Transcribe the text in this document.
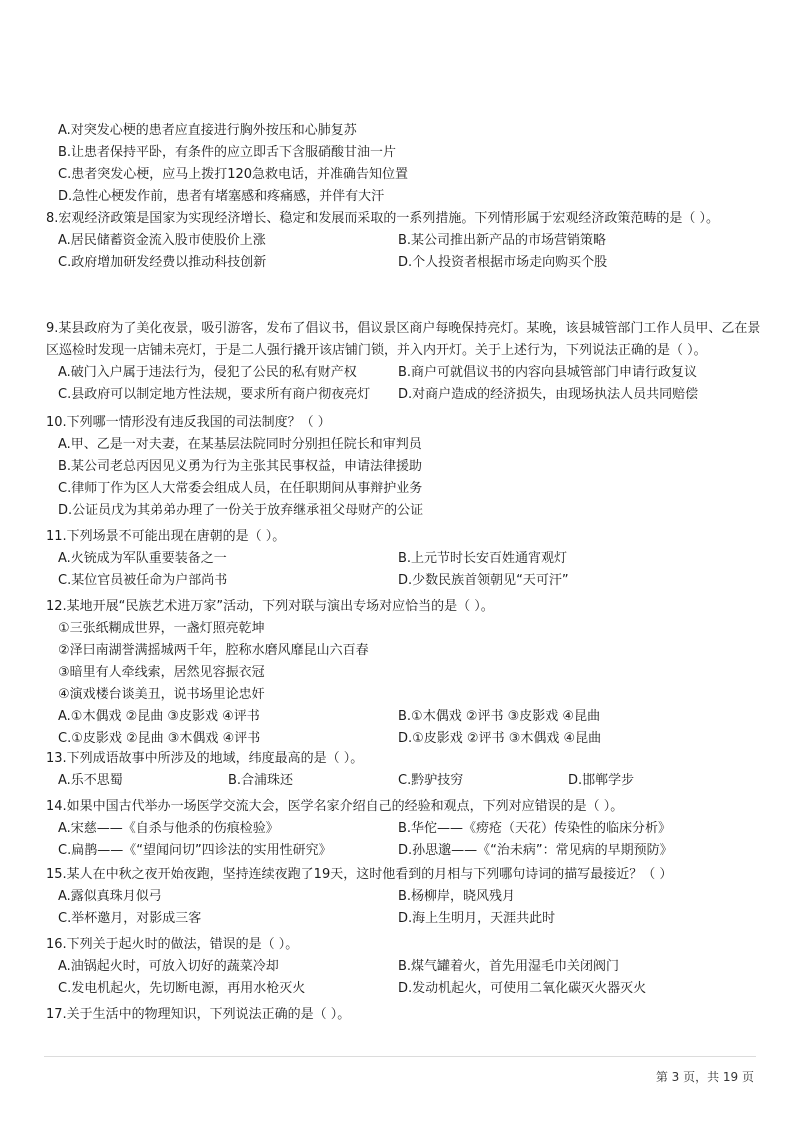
A.对突发心梗的患者应直接进行胸外按压和心肺复苏
B.让患者保持平卧，有条件的应立即舌下含服硝酸甘油一片
C.患者突发心梗，应马上拨打120急救电话，并准确告知位置
D.急性心梗发作前，患者有堵塞感和疼痛感，并伴有大汗

8.宏观经济政策是国家为实现经济增长、稳定和发展而采取的一系列措施。下列情形属于宏观经济政策范畴的是（ ）。

A.居民储蓄资金流入股市使股价上涨	B.某公司推出新产品的市场营销策略
C.政府增加研发经费以推动科技创新	D.个人投资者根据市场走向购买个股

9.某县政府为了美化夜景，吸引游客，发布了倡议书，倡议景区商户每晚保持亮灯。某晚，该县城管部门工作人员甲、乙在景区巡检时发现一店铺未亮灯，于是二人强行撬开该店铺门锁，并入内开灯。关于上述行为，下列说法正确的是（ ）。

A.破门入户属于违法行为，侵犯了公民的私有财产权	B.商户可就倡议书的内容向县城管部门申请行政复议
C.县政府可以制定地方性法规，要求所有商户彻夜亮灯	D.对商户造成的经济损失，由现场执法人员共同赔偿

10.下列哪一情形没有违反我国的司法制度？（ ）

A.甲、乙是一对夫妻，在某基层法院同时分别担任院长和审判员
B.某公司老总丙因见义勇为行为主张其民事权益，申请法律援助
C.律师丁作为区人大常委会组成人员，在任职期间从事辩护业务
D.公证员戊为其弟弟办理了一份关于放弃继承祖父母财产的公证

11.下列场景不可能出现在唐朝的是（ ）。

A.火铳成为军队重要装备之一	B.上元节时长安百姓通宵观灯
C.某位官员被任命为户部尚书	D.少数民族首领朝见“天可汗”

12.某地开展“民族艺术进万家”活动，下列对联与演出专场对应恰当的是（ ）。

①三张纸糊成世界，一盏灯照亮乾坤
②泽曰南湖誉满摇城两千年，腔称水磨风靡昆山六百春
③暗里有人牵线索，居然见容振衣冠
④演戏楼台谈美丑，说书场里论忠奸
A.①木偶戏 ②昆曲 ③皮影戏 ④评书	B.①木偶戏 ②评书 ③皮影戏 ④昆曲
C.①皮影戏 ②昆曲 ③木偶戏 ④评书	D.①皮影戏 ②评书 ③木偶戏 ④昆曲

13.下列成语故事中所涉及的地域，纬度最高的是（ ）。

A.乐不思蜀	B.合浦珠还	C.黔驴技穷	D.邯郸学步

14.如果中国古代举办一场医学交流大会，医学名家介绍自己的经验和观点，下列对应错误的是（ ）。

A.宋慈——《自杀与他杀的伤痕检验》	B.华佗——《痨疮（天花）传染性的临床分析》
C.扁鹊——《“望闻问切”四诊法的实用性研究》	D.孙思邈——《“治未病”：常见病的早期预防》

15.某人在中秋之夜开始夜跑，坚持连续夜跑了19天，这时他看到的月相与下列哪句诗词的描写最接近？（ ）

A.露似真珠月似弓	B.杨柳岸，晓风残月
C.举杯邀月，对影成三客	D.海上生明月，天涯共此时

16.下列关于起火时的做法，错误的是（ ）。

A.油锅起火时，可放入切好的蔬菜冷却	B.煤气罐着火，首先用湿毛巾关闭阀门
C.发电机起火，先切断电源，再用水枪灭火	D.发动机起火，可使用二氧化碳灭火器灭火

17.关于生活中的物理知识，下列说法正确的是（ ）。

第 3 页，共 19 页
